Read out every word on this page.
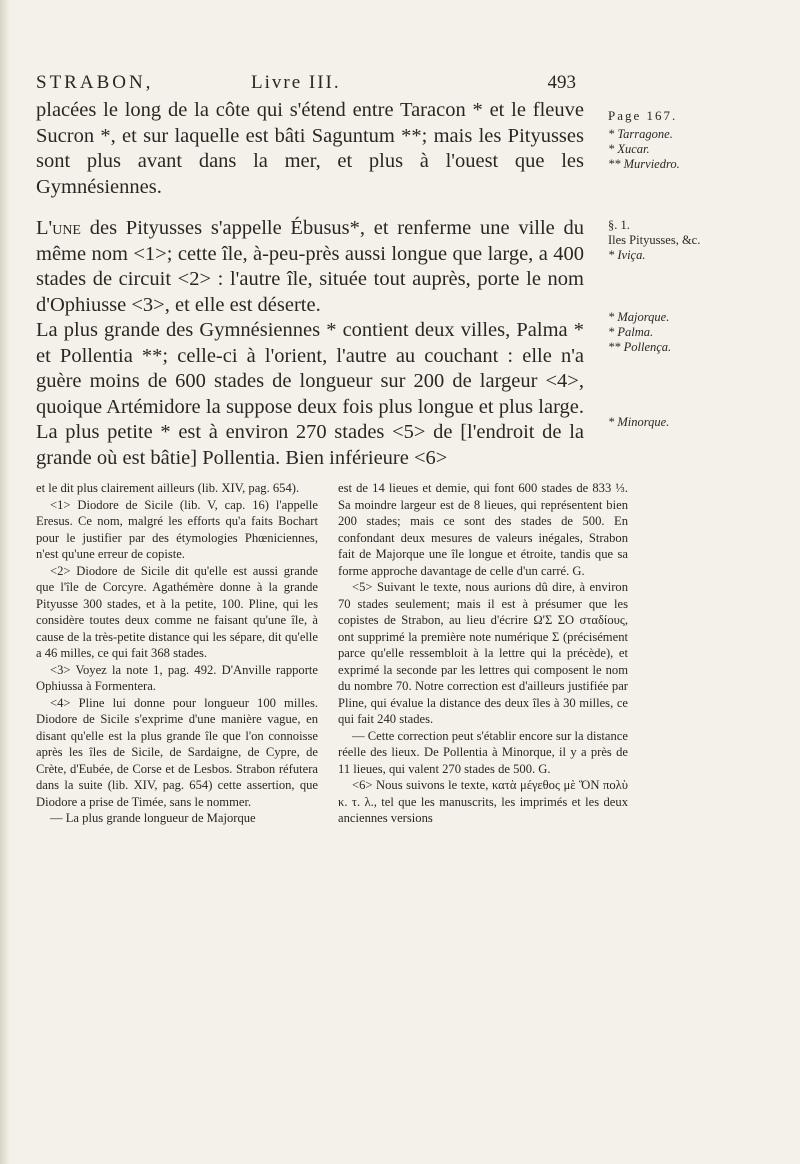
STRABON,	Livre III.	493

placées le long de la côte qui s'étend entre Taracon * et le fleuve Sucron *, et sur laquelle est bâti Saguntum **; mais les Pityusses sont plus avant dans la mer, et plus à l'ouest que les Gymnésiennes.

L'une des Pityusses s'appelle Ébusus*, et renferme une ville du même nom <1>; cette île, à-peu-près aussi longue que large, a 400 stades de circuit <2> : l'autre île, située tout auprès, porte le nom d'Ophiusse <3>, et elle est déserte.

La plus grande des Gymnésiennes * contient deux villes, Palma * et Pollentia **; celle-ci à l'orient, l'autre au couchant : elle n'a guère moins de 600 stades de longueur sur 200 de largeur <4>, quoique Artémidore la suppose deux fois plus longue et plus large. La plus petite * est à environ 270 stades <5> de [l'endroit de la grande où est bâtie] Pollentia. Bien inférieure <6>

Page 167.
* Tarragone.
* Xucar.
** Murviedro.
§. 1.
Iles Pityusses, &c.
* Iviça.
* Majorque.
* Palma.
** Pollença.
* Minorque.

et le dit plus clairement ailleurs (lib. XIV, pag. 654).

<1> Diodore de Sicile (lib. V, cap. 16) l'appelle Eresus. Ce nom, malgré les efforts qu'a faits Bochart pour le justifier par des étymologies Phœniciennes, n'est qu'une erreur de copiste.

<2> Diodore de Sicile dit qu'elle est aussi grande que l'île de Corcyre. Agathémère donne à la grande Pityusse 300 stades, et à la petite, 100. Pline, qui les considère toutes deux comme ne faisant qu'une île, à cause de la très-petite distance qui les sépare, dit qu'elle a 46 milles, ce qui fait 368 stades.

<3> Voyez la note 1, pag. 492. D'Anville rapporte Ophiussa à Formentera.

<4> Pline lui donne pour longueur 100 milles. Diodore de Sicile s'exprime d'une manière vague, en disant qu'elle est la plus grande île que l'on connoisse après les îles de Sicile, de Sardaigne, de Cypre, de Crète, d'Eubée, de Corse et de Lesbos. Strabon réfutera dans la suite (lib. XIV, pag. 654) cette assertion, que Diodore a prise de Timée, sans le nommer.

— La plus grande longueur de Majorque

est de 14 lieues et demie, qui font 600 stades de 833 ⅓. Sa moindre largeur est de 8 lieues, qui représentent bien 200 stades; mais ce sont des stades de 500. En confondant deux mesures de valeurs inégales, Strabon fait de Majorque une île longue et étroite, tandis que sa forme approche davantage de celle d'un carré. G.

<5> Suivant le texte, nous aurions dû dire, à environ 70 stades seulement; mais il est à présumer que les copistes de Strabon, au lieu d'écrire Ω'Σ ΣΟ σταδίους, ont supprimé la première note numérique Σ (précisément parce qu'elle ressembloit à la lettre qui la précède), et exprimé la seconde par les lettres qui composent le nom du nombre 70. Notre correction est d'ailleurs justifiée par Pline, qui évalue la distance des deux îles à 30 milles, ce qui fait 240 stades.

— Cette correction peut s'établir encore sur la distance réelle des lieux. De Pollentia à Minorque, il y a près de 11 lieues, qui valent 270 stades de 500. G.

<6> Nous suivons le texte, κατὰ μέγεθος μὲ ὍΝ πολὺ κ. τ. λ., tel que les manuscrits, les imprimés et les deux anciennes versions
